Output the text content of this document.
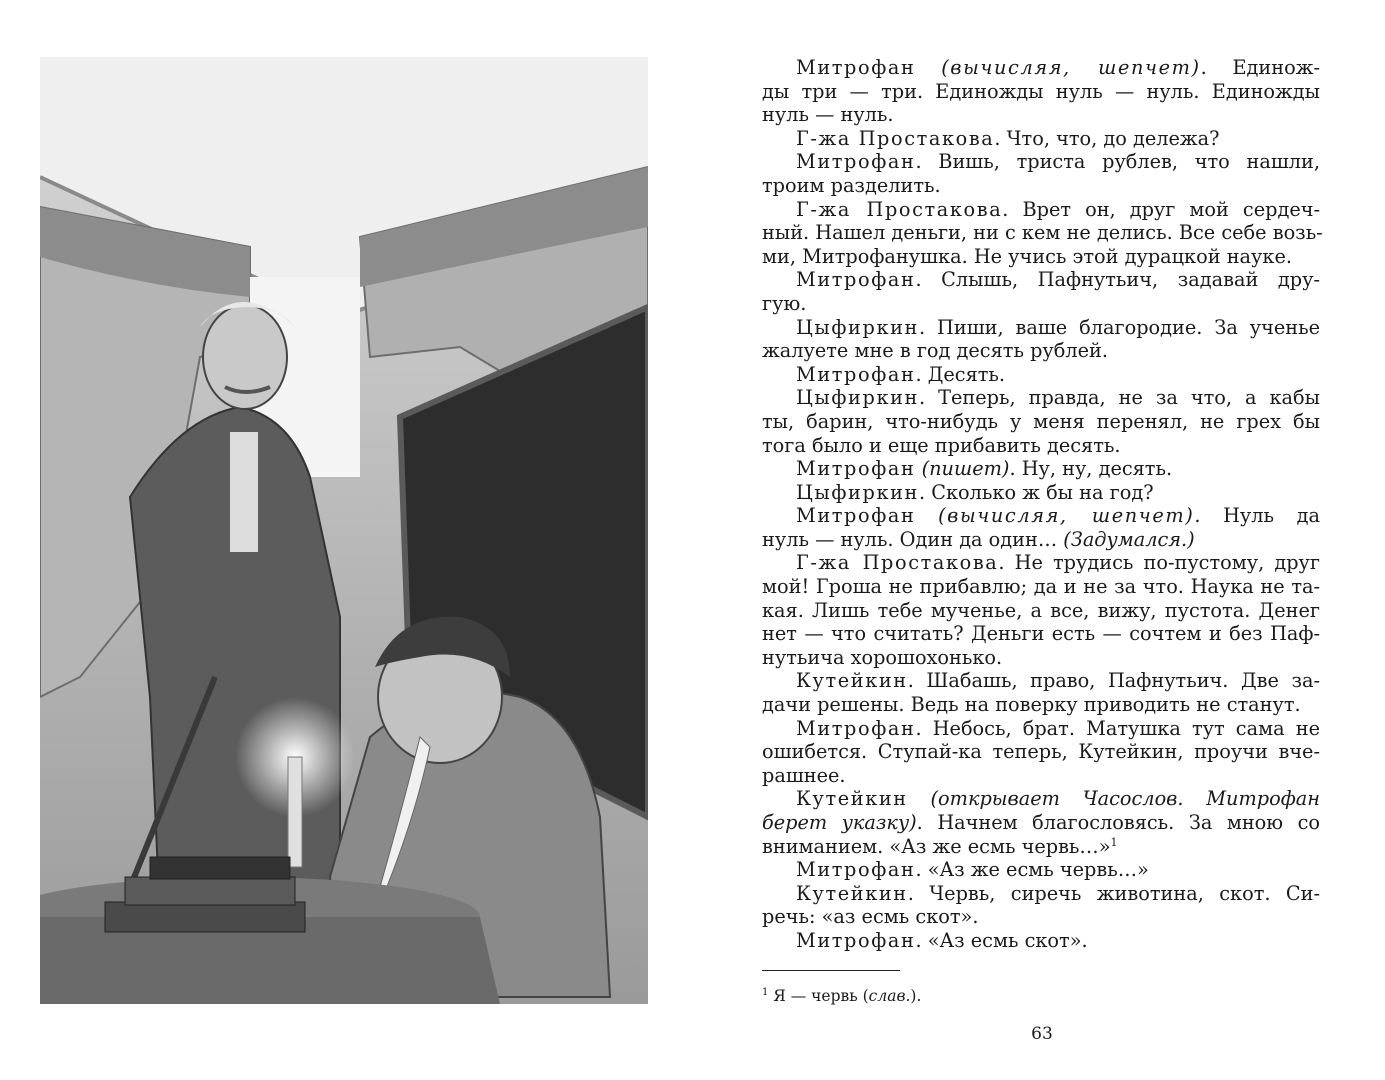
Митрофан (вычисляя, шепчет). Единож-
ды три — три. Единожды нуль — нуль. Единожды
нуль — нуль.
Г-жа Простакова. Что, что, до дележа?
Митрофан. Вишь, триста рублев, что нашли,
троим разделить.
Г-жа Простакова. Врет он, друг мой сердеч-
ный. Нашел деньги, ни с кем не делись. Все себе возь-
ми, Митрофанушка. Не учись этой дурацкой науке.
Митрофан. Слышь, Пафнутьич, задавай дру-
гую.
Цыфиркин. Пиши, ваше благородие. За ученье
жалуете мне в год десять рублей.
Митрофан. Десять.
Цыфиркин. Теперь, правда, не за что, а кабы
ты, барин, что-нибудь у меня перенял, не грех бы
тога было и еще прибавить десять.
Митрофан (пишет). Ну, ну, десять.
Цыфиркин. Сколько ж бы на год?
Митрофан (вычисляя, шепчет). Нуль да
нуль — нуль. Один да один… (Задумался.)
Г-жа Простакова. Не трудись по-пустому, друг
мой! Гроша не прибавлю; да и не за что. Наука не та-
кая. Лишь тебе мученье, а все, вижу, пустота. Денег
нет — что считать? Деньги есть — сочтем и без Паф-
нутьича хорошохонько.
Кутейкин. Шабашь, право, Пафнутьич. Две за-
дачи решены. Ведь на поверку приводить не станут.
Митрофан. Небось, брат. Матушка тут сама не
ошибется. Ступай-ка теперь, Кутейкин, проучи вче-
рашнее.
Кутейкин (открывает Часослов. Митрофан
берет указку). Начнем благословясь. За мною со
вниманием. «Аз же есмь червь…»$^1$
Митрофан. «Аз же есмь червь…»
Кутейкин. Червь, сиречь животина, скот. Си-
речь: «аз есмь скот».
Митрофан. «Аз есмь скот».
$^1$ Я — червь (слав.).
63
